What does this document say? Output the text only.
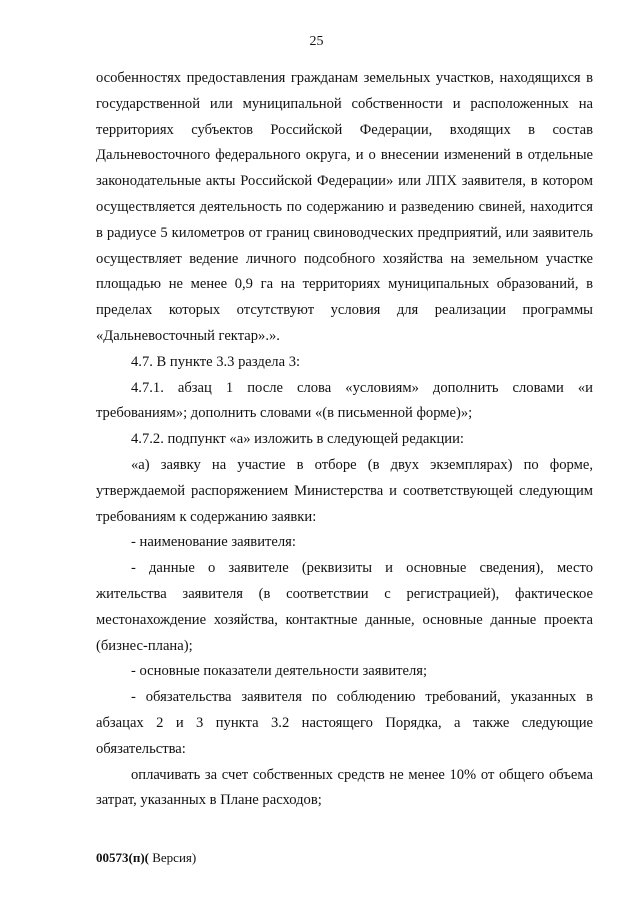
25
особенностях предоставления гражданам земельных участков, находящихся в
государственной или муниципальной собственности и расположенных на
территориях субъектов Российской Федерации, входящих в состав
Дальневосточного федерального округа, и о внесении изменений в отдельные
законодательные акты Российской Федерации» или ЛПХ заявителя, в котором
осуществляется деятельность по содержанию и разведению свиней, находится
в радиусе 5 километров от границ свиноводческих предприятий, или заявитель
осуществляет ведение личного подсобного хозяйства на земельном участке
площадью не менее 0,9 га на территориях муниципальных образований, в
пределах которых отсутствуют условия для реализации программы
«Дальневосточный гектар».».
4.7. В пункте 3.3 раздела 3:
4.7.1. абзац 1 после слова «условиям» дополнить словами «и
требованиям»; дополнить словами «(в письменной форме)»;
4.7.2. подпункт «а» изложить в следующей редакции:
«а) заявку на участие в отборе (в двух экземплярах) по форме,
утверждаемой распоряжением Министерства и соответствующей следующим
требованиям к содержанию заявки:
- наименование заявителя:
- данные о заявителе (реквизиты и основные сведения), место
жительства заявителя (в соответствии с регистрацией), фактическое
местонахождение хозяйства, контактные данные, основные данные проекта
(бизнес-плана);
- основные показатели деятельности заявителя;
- обязательства заявителя по соблюдению требований, указанных в
абзацах 2 и 3 пункта 3.2 настоящего Порядка, а также следующие
обязательства:
оплачивать за счет собственных средств не менее 10% от общего объема
затрат, указанных в Плане расходов;
00573(п)( Версия)
